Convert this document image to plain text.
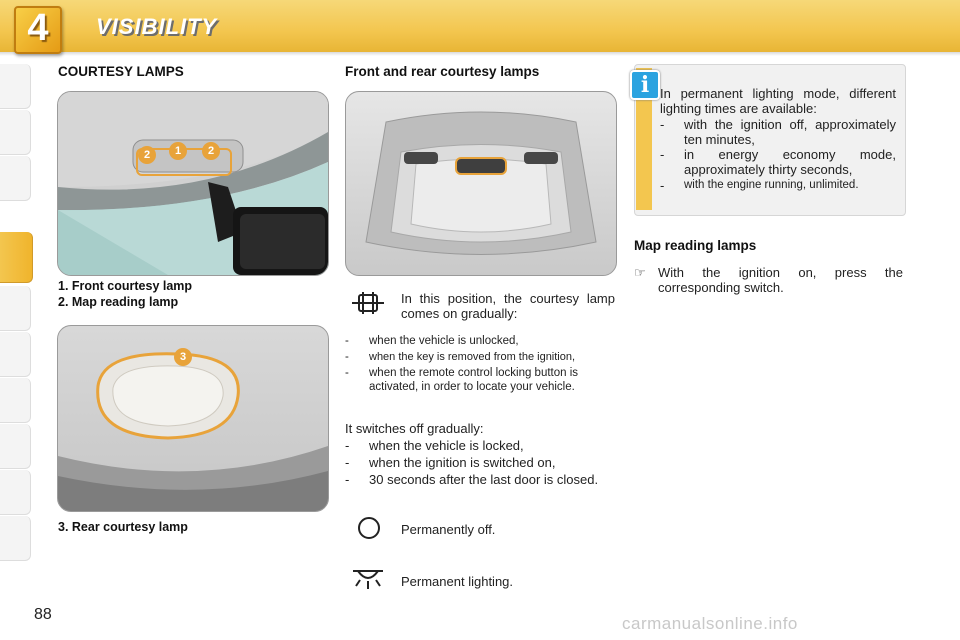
4	VISIBILITY
COURTESY LAMPS
2	1	2
1. Front courtesy lamp
2. Map reading lamp
3
3. Rear courtesy lamp
Front and rear courtesy lamps
In this position, the courtesy lamp comes on gradually:
- when the vehicle is unlocked,
- when the key is removed from the ignition,
- when the remote control locking button is activated, in order to locate your vehicle.
It switches off gradually:
- when the vehicle is locked,
- when the ignition is switched on,
- 30 seconds after the last door is closed.
Permanently off.
Permanent lighting.
i In permanent lighting mode, different lighting times are available:
- with the ignition off, approximately ten minutes,
- in energy economy mode, approximately thirty seconds,
- with the engine running, unlimited.
Map reading lamps
☞ With the ignition on, press the corresponding switch.
88	carmanualsonline.info
